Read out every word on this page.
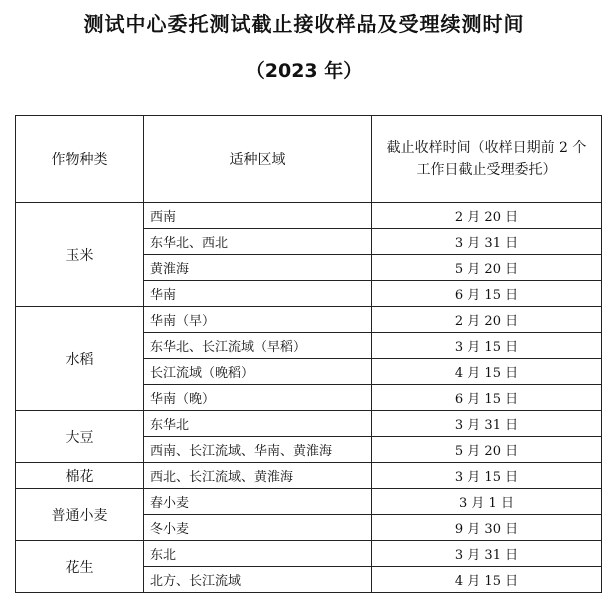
测试中心委托测试截止接收样品及受理续测时间
（2023 年）
作物种类	适种区域	截止收样时间（收样日期前 2 个工作日截止受理委托）
玉米	西南	2 月 20 日
	东华北、西北	3 月 31 日
	黄淮海	5 月 20 日
	华南	6 月 15 日
水稻	华南（早）	2 月 20 日
	东华北、长江流域（早稻）	3 月 15 日
	长江流域（晚稻）	4 月 15 日
	华南（晚）	6 月 15 日
大豆	东华北	3 月 31 日
	西南、长江流域、华南、黄淮海	5 月 20 日
棉花	西北、长江流域、黄淮海	3 月 15 日
普通小麦	春小麦	3 月 1 日
	冬小麦	9 月 30 日
花生	东北	3 月 31 日
	北方、长江流域	4 月 15 日
